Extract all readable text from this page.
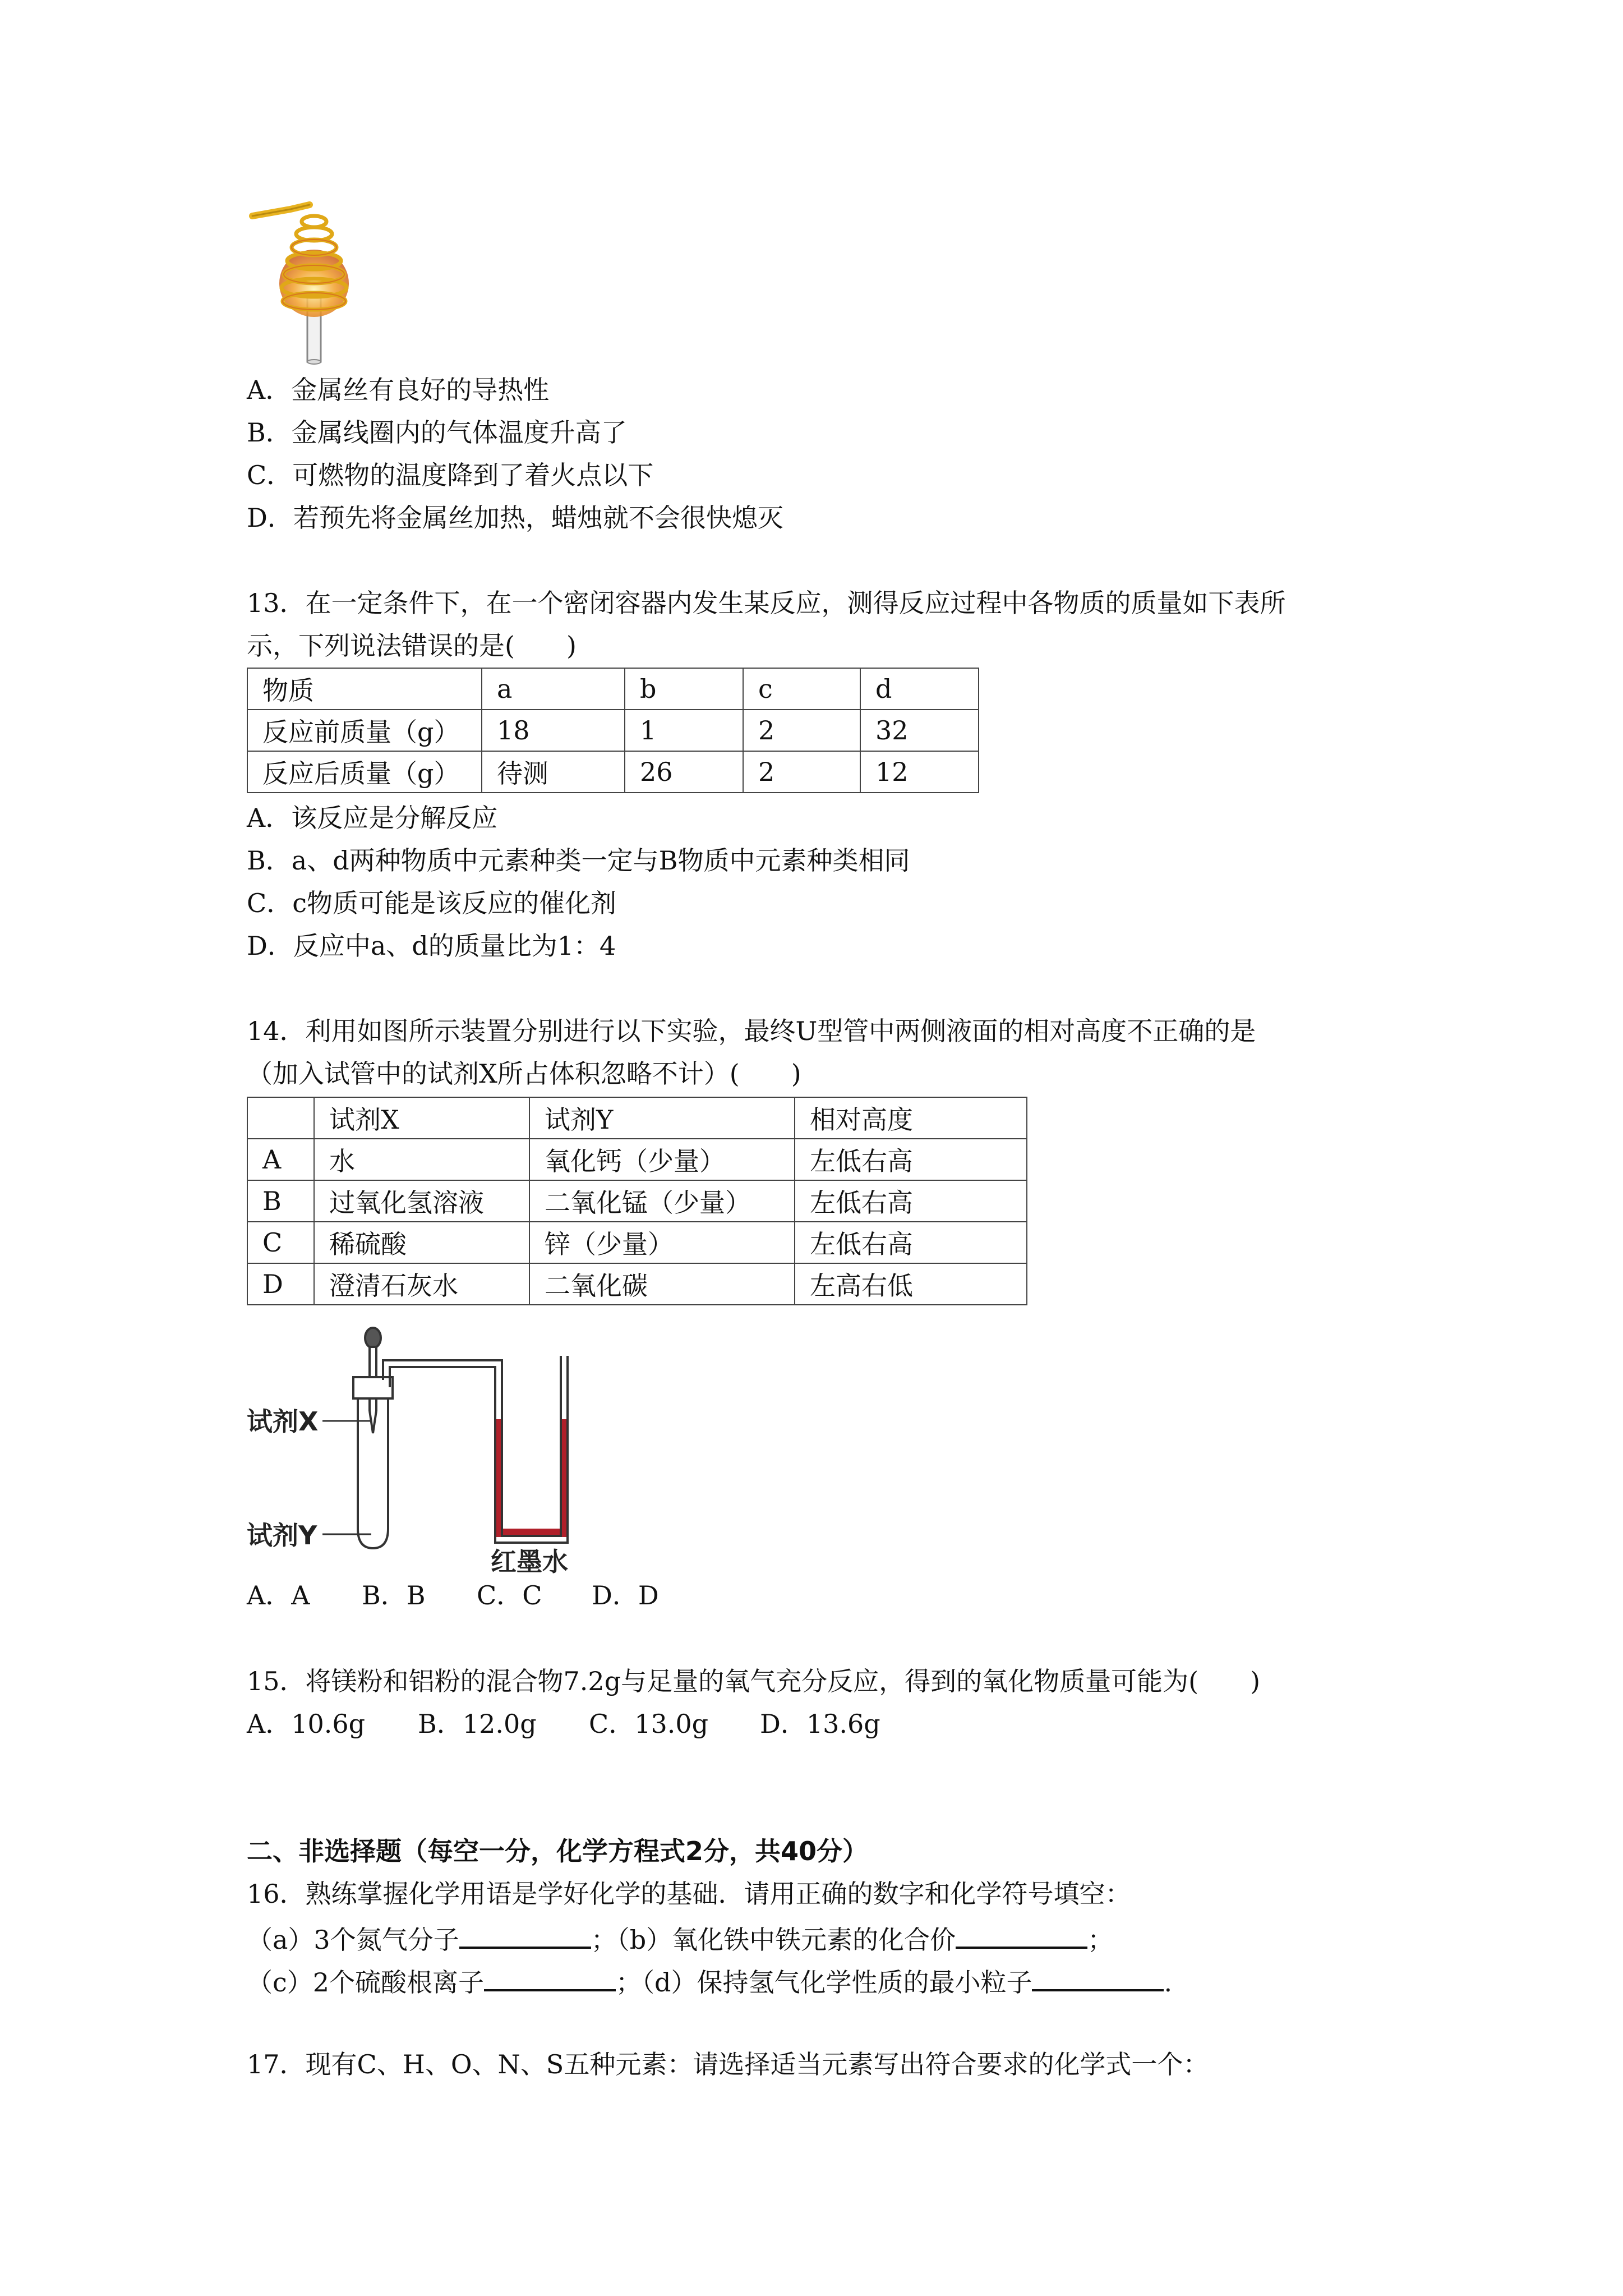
A．金属丝有良好的导热性
B．金属线圈内的气体温度升高了
C．可燃物的温度降到了着火点以下
D．若预先将金属丝加热，蜡烛就不会很快熄灭
13．在一定条件下，在一个密闭容器内发生某反应，测得反应过程中各物质的质量如下表所
示，下列说法错误的是(　　)
物质	a	b	c	d
反应前质量（g）	18	1	2	32
反应后质量（g）	待测	26	2	12
A．该反应是分解反应
B．a、d两种物质中元素种类一定与B物质中元素种类相同
C．c物质可能是该反应的催化剂
D．反应中a、d的质量比为1：4
14．利用如图所示装置分别进行以下实验，最终U型管中两侧液面的相对高度不正确的是
（加入试管中的试剂X所占体积忽略不计）(　　)
	试剂X	试剂Y	相对高度
A	水	氧化钙（少量）	左低右高
B	过氧化氢溶液	二氧化锰（少量）	左低右高
C	稀硫酸	锌（少量）	左低右高
D	澄清石灰水	二氧化碳	左高右低
试剂X
试剂Y
红墨水
A．A B．B C．C D．D
15．将镁粉和铝粉的混合物7.2g与足量的氧气充分反应，得到的氧化物质量可能为(　　)
A．10.6g B．12.0g C．13.0g D．13.6g
二、非选择题（每空一分，化学方程式2分，共40分）
16．熟练掌握化学用语是学好化学的基础．请用正确的数字和化学符号填空：
（a）3个氮气分子	；（b）氧化铁中铁元素的化合价	；
（c）2个硫酸根离子	；（d）保持氢气化学性质的最小粒子	.
17．现有C、H、O、N、S五种元素：请选择适当元素写出符合要求的化学式一个：
